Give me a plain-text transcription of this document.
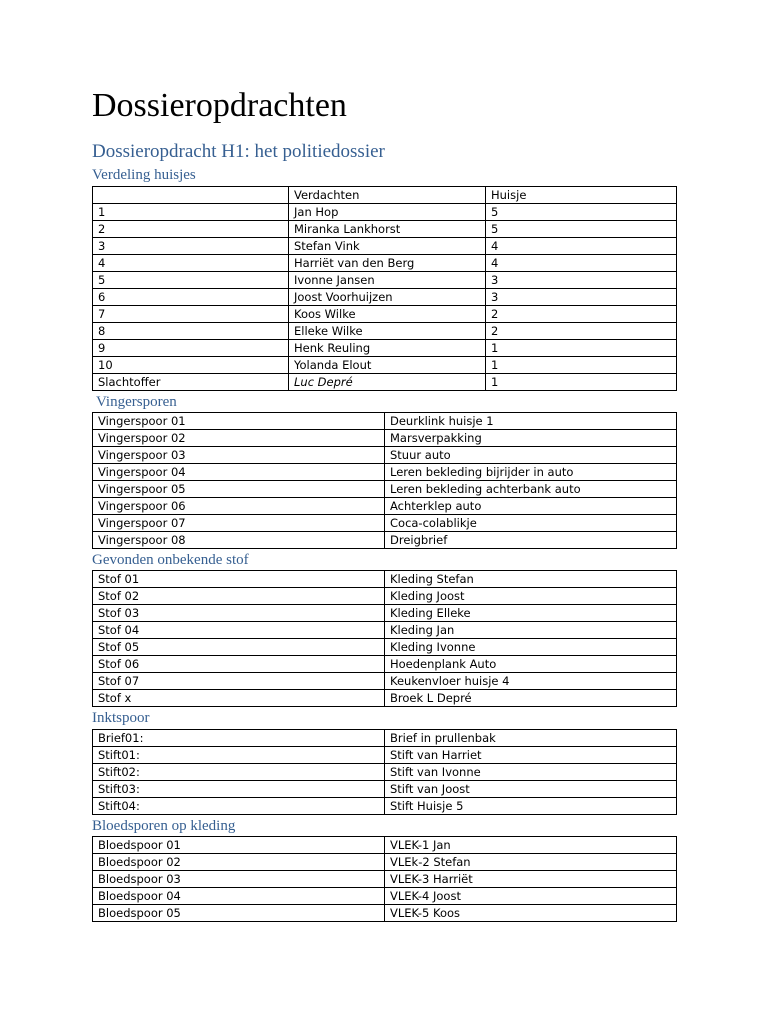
Dossieropdrachten
Dossieropdracht H1: het politiedossier
Verdeling huisjes
	Verdachten	Huisje
1	Jan Hop	5
2	Miranka Lankhorst	5
3	Stefan Vink	4
4	Harriët van den Berg	4
5	Ivonne Jansen	3
6	Joost Voorhuijzen	3
7	Koos Wilke	2
8	Elleke Wilke	2
9	Henk Reuling	1
10	Yolanda Elout	1
Slachtoffer	Luc Depré	1
Vingersporen
Vingerspoor 01	Deurklink huisje 1
Vingerspoor 02	Marsverpakking
Vingerspoor 03	Stuur auto
Vingerspoor 04	Leren bekleding bijrijder in auto
Vingerspoor 05	Leren bekleding achterbank auto
Vingerspoor 06	Achterklep auto
Vingerspoor 07	Coca-colablikje
Vingerspoor 08	Dreigbrief
Gevonden onbekende stof
Stof 01	Kleding Stefan
Stof 02	Kleding Joost
Stof 03	Kleding Elleke
Stof 04	Kleding Jan
Stof 05	Kleding Ivonne
Stof 06	Hoedenplank Auto
Stof 07	Keukenvloer huisje 4
Stof x	Broek L Depré
Inktspoor
Brief01:	Brief in prullenbak
Stift01:	Stift van Harriet
Stift02:	Stift van Ivonne
Stift03:	Stift van Joost
Stift04:	Stift Huisje 5
Bloedsporen op kleding
Bloedspoor 01	VLEK-1 Jan
Bloedspoor 02	VLEk-2 Stefan
Bloedspoor 03	VLEK-3 Harriët
Bloedspoor 04	VLEK-4 Joost
Bloedspoor 05	VLEK-5 Koos
